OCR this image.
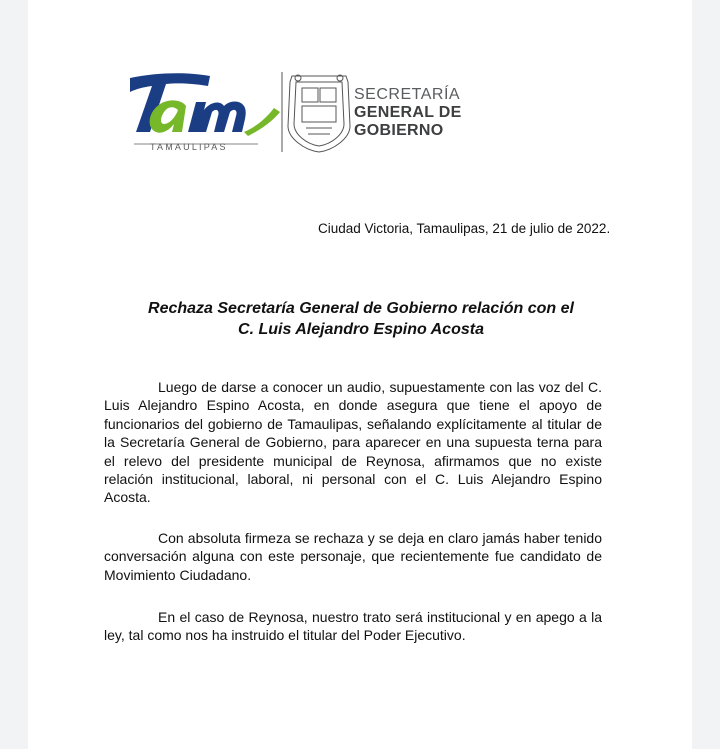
TAMAULIPAS
SECRETARÍA
GENERAL DE
GOBIERNO
Ciudad Victoria, Tamaulipas, 21 de julio de 2022.
Rechaza Secretaría General de Gobierno relación con el
C. Luis Alejandro Espino Acosta
Luego de darse a conocer un audio, supuestamente con las voz del C. Luis Alejandro Espino Acosta, en donde asegura que tiene el apoyo de funcionarios del gobierno de Tamaulipas, señalando explícitamente al titular de la Secretaría General de Gobierno, para aparecer en una supuesta terna para el relevo del presidente municipal de Reynosa, afirmamos que no existe relación institucional, laboral, ni personal con el C. Luis Alejandro Espino Acosta.
Con absoluta firmeza se rechaza y se deja en claro jamás haber tenido conversación alguna con este personaje, que recientemente fue candidato de Movimiento Ciudadano.
En el caso de Reynosa, nuestro trato será institucional y en apego a la ley, tal como nos ha instruido el titular del Poder Ejecutivo.
